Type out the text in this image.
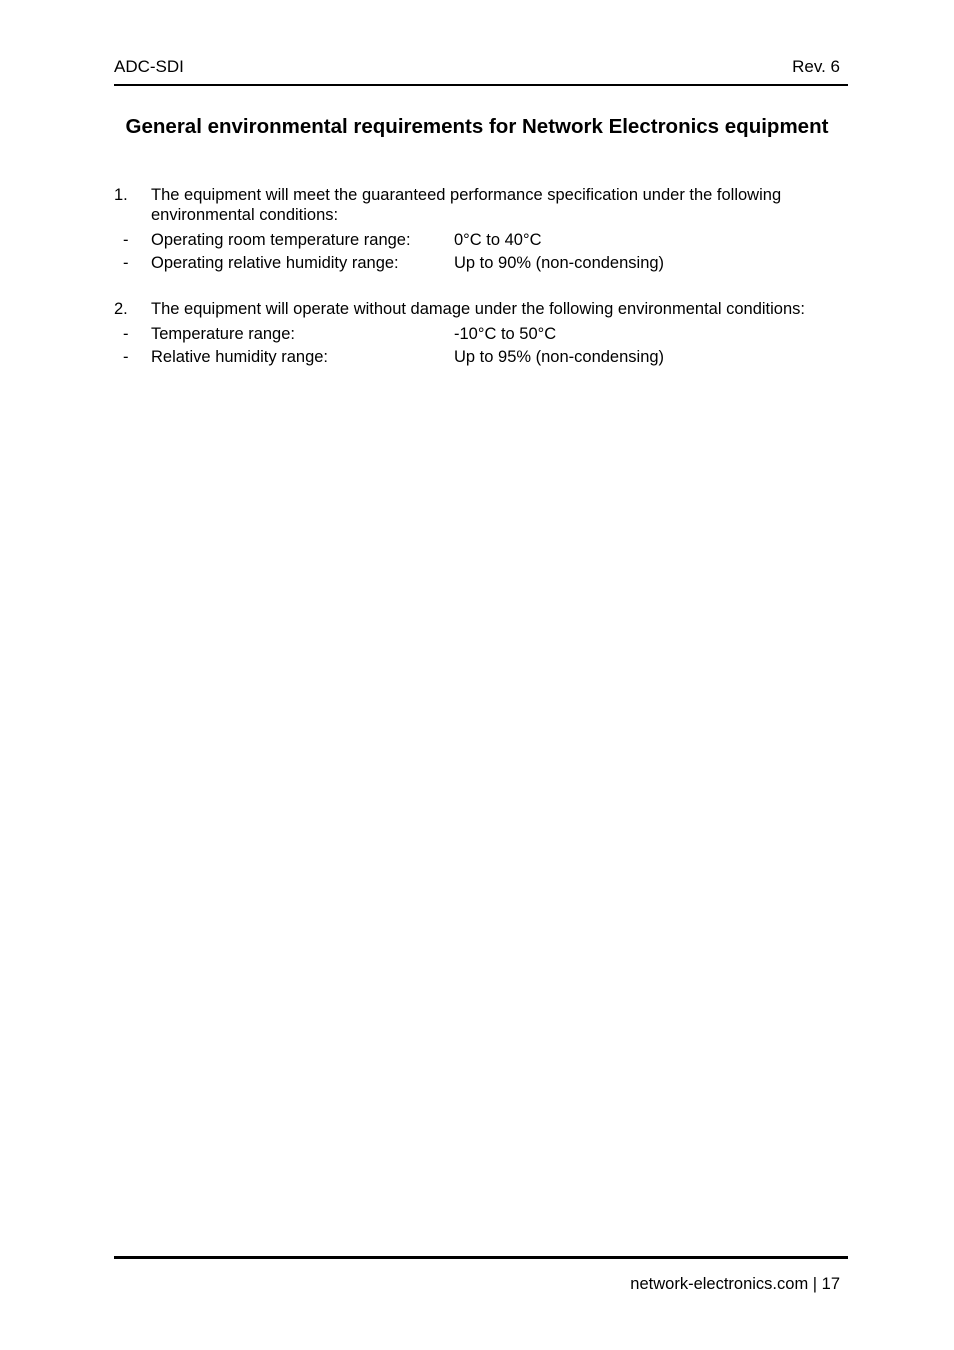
ADC-SDI	Rev. 6
General environmental requirements for Network Electronics equipment
1. The equipment will meet the guaranteed performance specification under the following environmental conditions:
- Operating room temperature range:	0°C to 40°C
- Operating relative humidity range:	Up to 90% (non-condensing)
2. The equipment will operate without damage under the following environmental conditions:
- Temperature range:	-10°C to 50°C
- Relative humidity range:	Up to 95% (non-condensing)
network-electronics.com | 17
